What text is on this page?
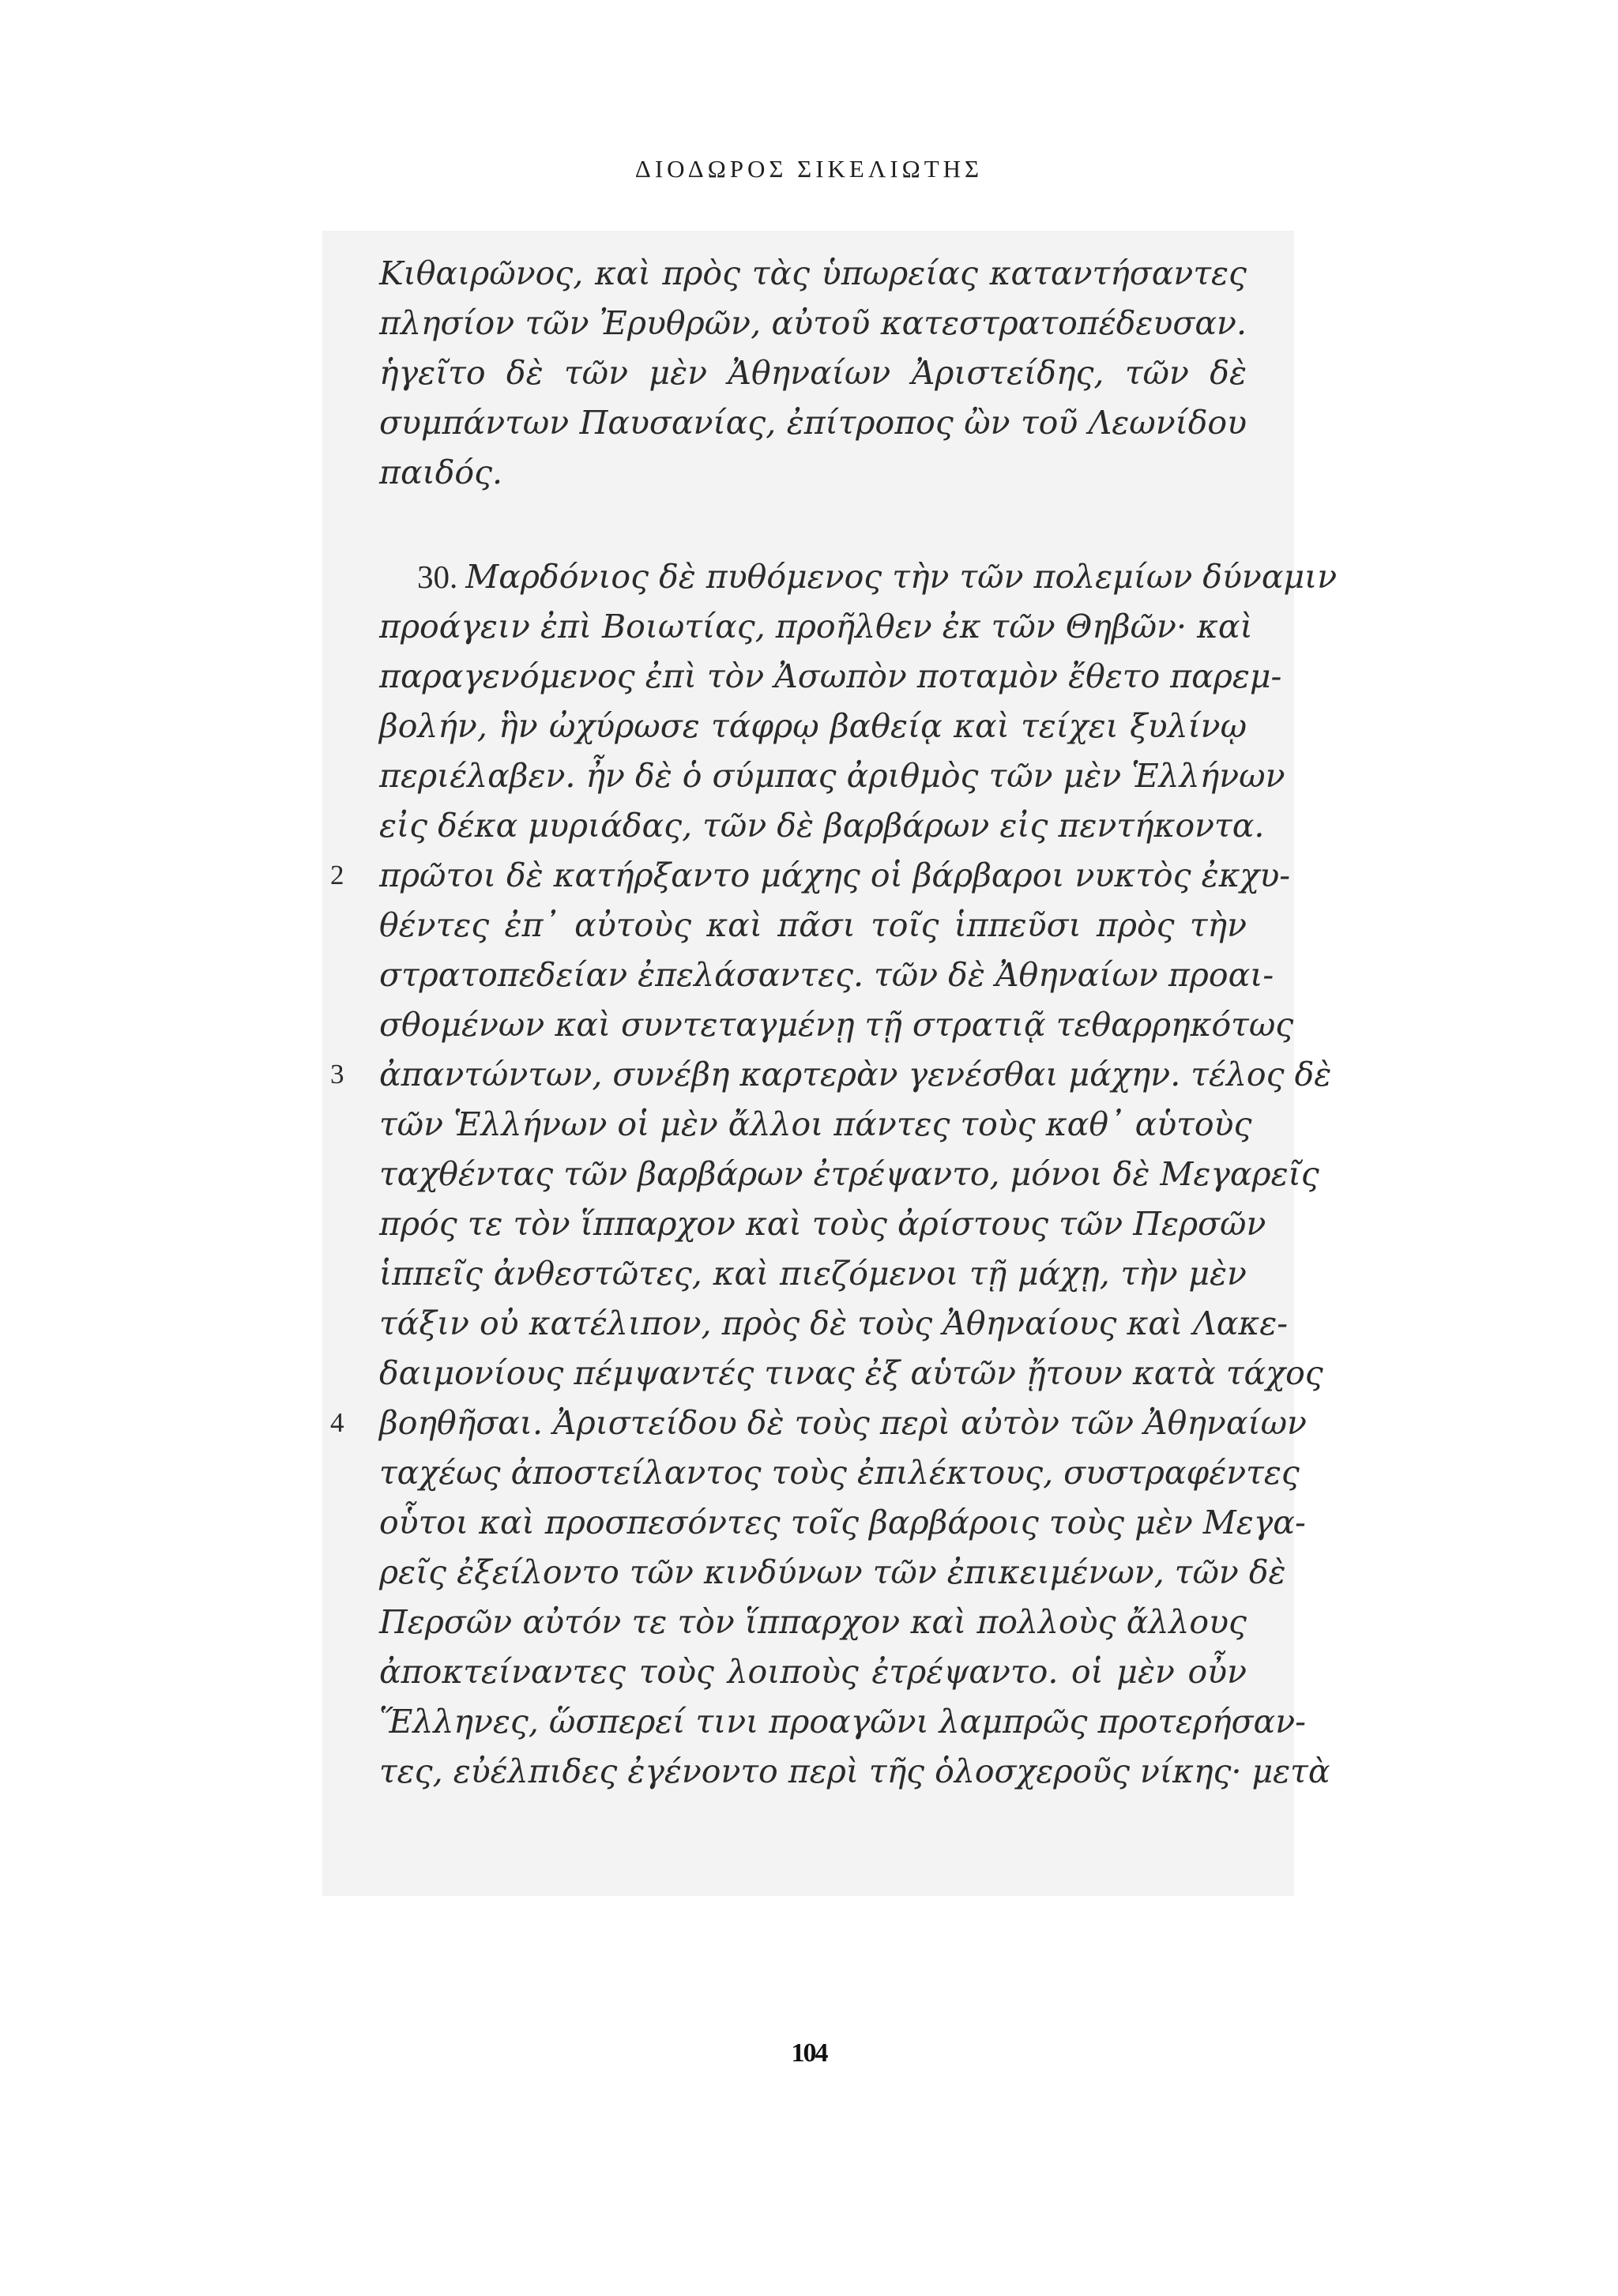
ΔΙΟΔΩΡΟΣ ΣΙΚΕΛΙΩΤΗΣ
Κιθαιρῶνος, καὶ πρὸς τὰς ὑπωρείας καταντήσαντες
πλησίον τῶν Ἐρυθρῶν, αὐτοῦ κατεστρατοπέδευσαν.
ἡγεῖτο δὲ τῶν μὲν Ἀθηναίων Ἀριστείδης, τῶν δὲ
συμπάντων Παυσανίας, ἐπίτροπος ὢν τοῦ Λεωνίδου
παιδός.
30. Μαρδόνιος δὲ πυθόμενος τὴν τῶν πολεμίων δύναμιν
προάγειν ἐπὶ Βοιωτίας, προῆλθεν ἐκ τῶν Θηβῶν· καὶ
παραγενόμενος ἐπὶ τὸν Ἀσωπὸν ποταμὸν ἔθετο παρεμ-
βολήν, ἣν ὠχύρωσε τάφρῳ βαθείᾳ καὶ τείχει ξυλίνῳ
περιέλαβεν. ἦν δὲ ὁ σύμπας ἀριθμὸς τῶν μὲν Ἑλλήνων
εἰς δέκα μυριάδας, τῶν δὲ βαρβάρων εἰς πεντήκοντα.
πρῶτοι δὲ κατήρξαντο μάχης οἱ βάρβαροι νυκτὸς ἐκχυ-
θέντες ἐπ᾽ αὐτοὺς καὶ πᾶσι τοῖς ἱππεῦσι πρὸς τὴν
στρατοπεδείαν ἐπελάσαντες. τῶν δὲ Ἀθηναίων προαι-
σθομένων καὶ συντεταγμένῃ τῇ στρατιᾷ τεθαρρηκότως
ἀπαντώντων, συνέβη καρτερὰν γενέσθαι μάχην. τέλος δὲ
τῶν Ἑλλήνων οἱ μὲν ἄλλοι πάντες τοὺς καθ᾽ αὑτοὺς
ταχθέντας τῶν βαρβάρων ἐτρέψαντο, μόνοι δὲ Μεγαρεῖς
πρός τε τὸν ἵππαρχον καὶ τοὺς ἀρίστους τῶν Περσῶν
ἱππεῖς ἀνθεστῶτες, καὶ πιεζόμενοι τῇ μάχῃ, τὴν μὲν
τάξιν οὐ κατέλιπον, πρὸς δὲ τοὺς Ἀθηναίους καὶ Λακε-
δαιμονίους πέμψαντές τινας ἐξ αὑτῶν ᾔτουν κατὰ τάχος
βοηθῆσαι. Ἀριστείδου δὲ τοὺς περὶ αὐτὸν τῶν Ἀθηναίων
ταχέως ἀποστείλαντος τοὺς ἐπιλέκτους, συστραφέντες
οὗτοι καὶ προσπεσόντες τοῖς βαρβάροις τοὺς μὲν Μεγα-
ρεῖς ἐξείλοντο τῶν κινδύνων τῶν ἐπικειμένων, τῶν δὲ
Περσῶν αὐτόν τε τὸν ἵππαρχον καὶ πολλοὺς ἄλλους
ἀποκτείναντες τοὺς λοιποὺς ἐτρέψαντο. οἱ μὲν οὖν
Ἕλληνες, ὥσπερεί τινι προαγῶνι λαμπρῶς προτερήσαν-
τες, εὐέλπιδες ἐγένοντο περὶ τῆς ὁλοσχεροῦς νίκης· μετὰ
2
3
4
104
